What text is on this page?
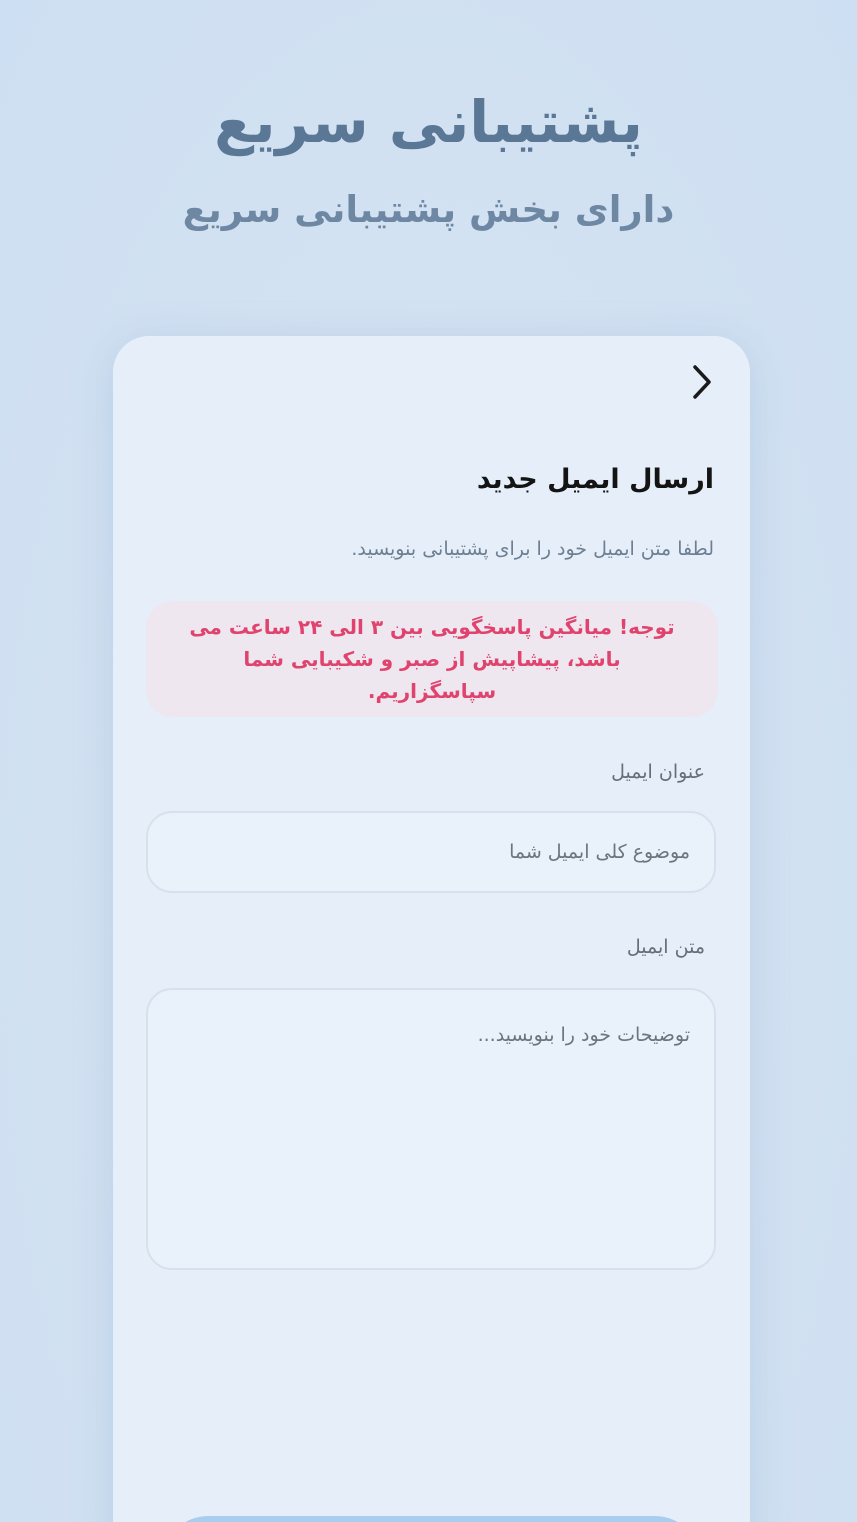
پشتیبانی سریع
دارای بخش پشتیبانی سریع
ارسال ایمیل جدید

لطفا متن ایمیل خود را برای پشتیبانی بنویسید.

توجه! میانگین پاسخگویی بین ۳ الی ۲۴ ساعت می باشد، پیشاپیش از صبر و شکیبایی شما سپاسگزاریم.
عنوان ایمیل
موضوع کلی ایمیل شما
متن ایمیل
توضیحات خود را بنویسید...
